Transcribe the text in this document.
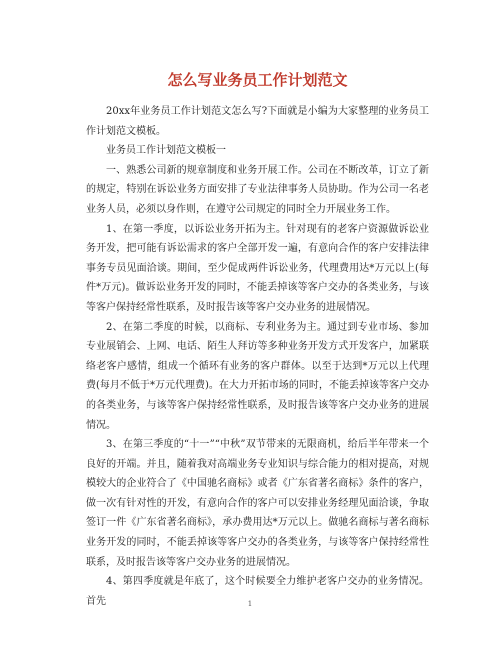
怎么写业务员工作计划范文

20xx年业务员工作计划范文怎么写?下面就是小编为大家整理的业务员工作计划范文模板。

业务员工作计划范文模板一

一、熟悉公司新的规章制度和业务开展工作。公司在不断改革，订立了新的规定，特别在诉讼业务方面安排了专业法律事务人员协助。作为公司一名老业务人员，必须以身作则，在遵守公司规定的同时全力开展业务工作。

1、在第一季度，以诉讼业务开拓为主。针对现有的老客户资源做诉讼业务开发，把可能有诉讼需求的客户全部开发一遍，有意向合作的客户安排法律事务专员见面洽谈。期间，至少促成两件诉讼业务，代理费用达*万元以上(每件*万元)。做诉讼业务开发的同时，不能丢掉该等客户交办的各类业务，与该等客户保持经常性联系，及时报告该等客户交办业务的进展情况。

2、在第二季度的时候，以商标、专利业务为主。通过到专业市场、参加专业展销会、上网、电话、陌生人拜访等多种业务开发方式开发客户，加紧联络老客户感情，组成一个循环有业务的客户群体。以至于达到*万元以上代理费(每月不低于*万元代理费)。在大力开拓市场的同时，不能丢掉该等客户交办的各类业务，与该等客户保持经常性联系，及时报告该等客户交办业务的进展情况。

3、在第三季度的“十一”“中秋”双节带来的无限商机，给后半年带来一个良好的开端。并且，随着我对高端业务专业知识与综合能力的相对提高，对规模较大的企业符合了《中国驰名商标》或者《广东省著名商标》条件的客户，做一次有针对性的开发，有意向合作的客户可以安排业务经理见面洽谈，争取签订一件《广东省著名商标》，承办费用达*万元以上。做驰名商标与著名商标业务开发的同时，不能丢掉该等客户交办的各类业务，与该等客户保持经常性联系，及时报告该等客户交办业务的进展情况。

4、第四季度就是年底了，这个时候要全力维护老客户交办的业务情况。首先	1
